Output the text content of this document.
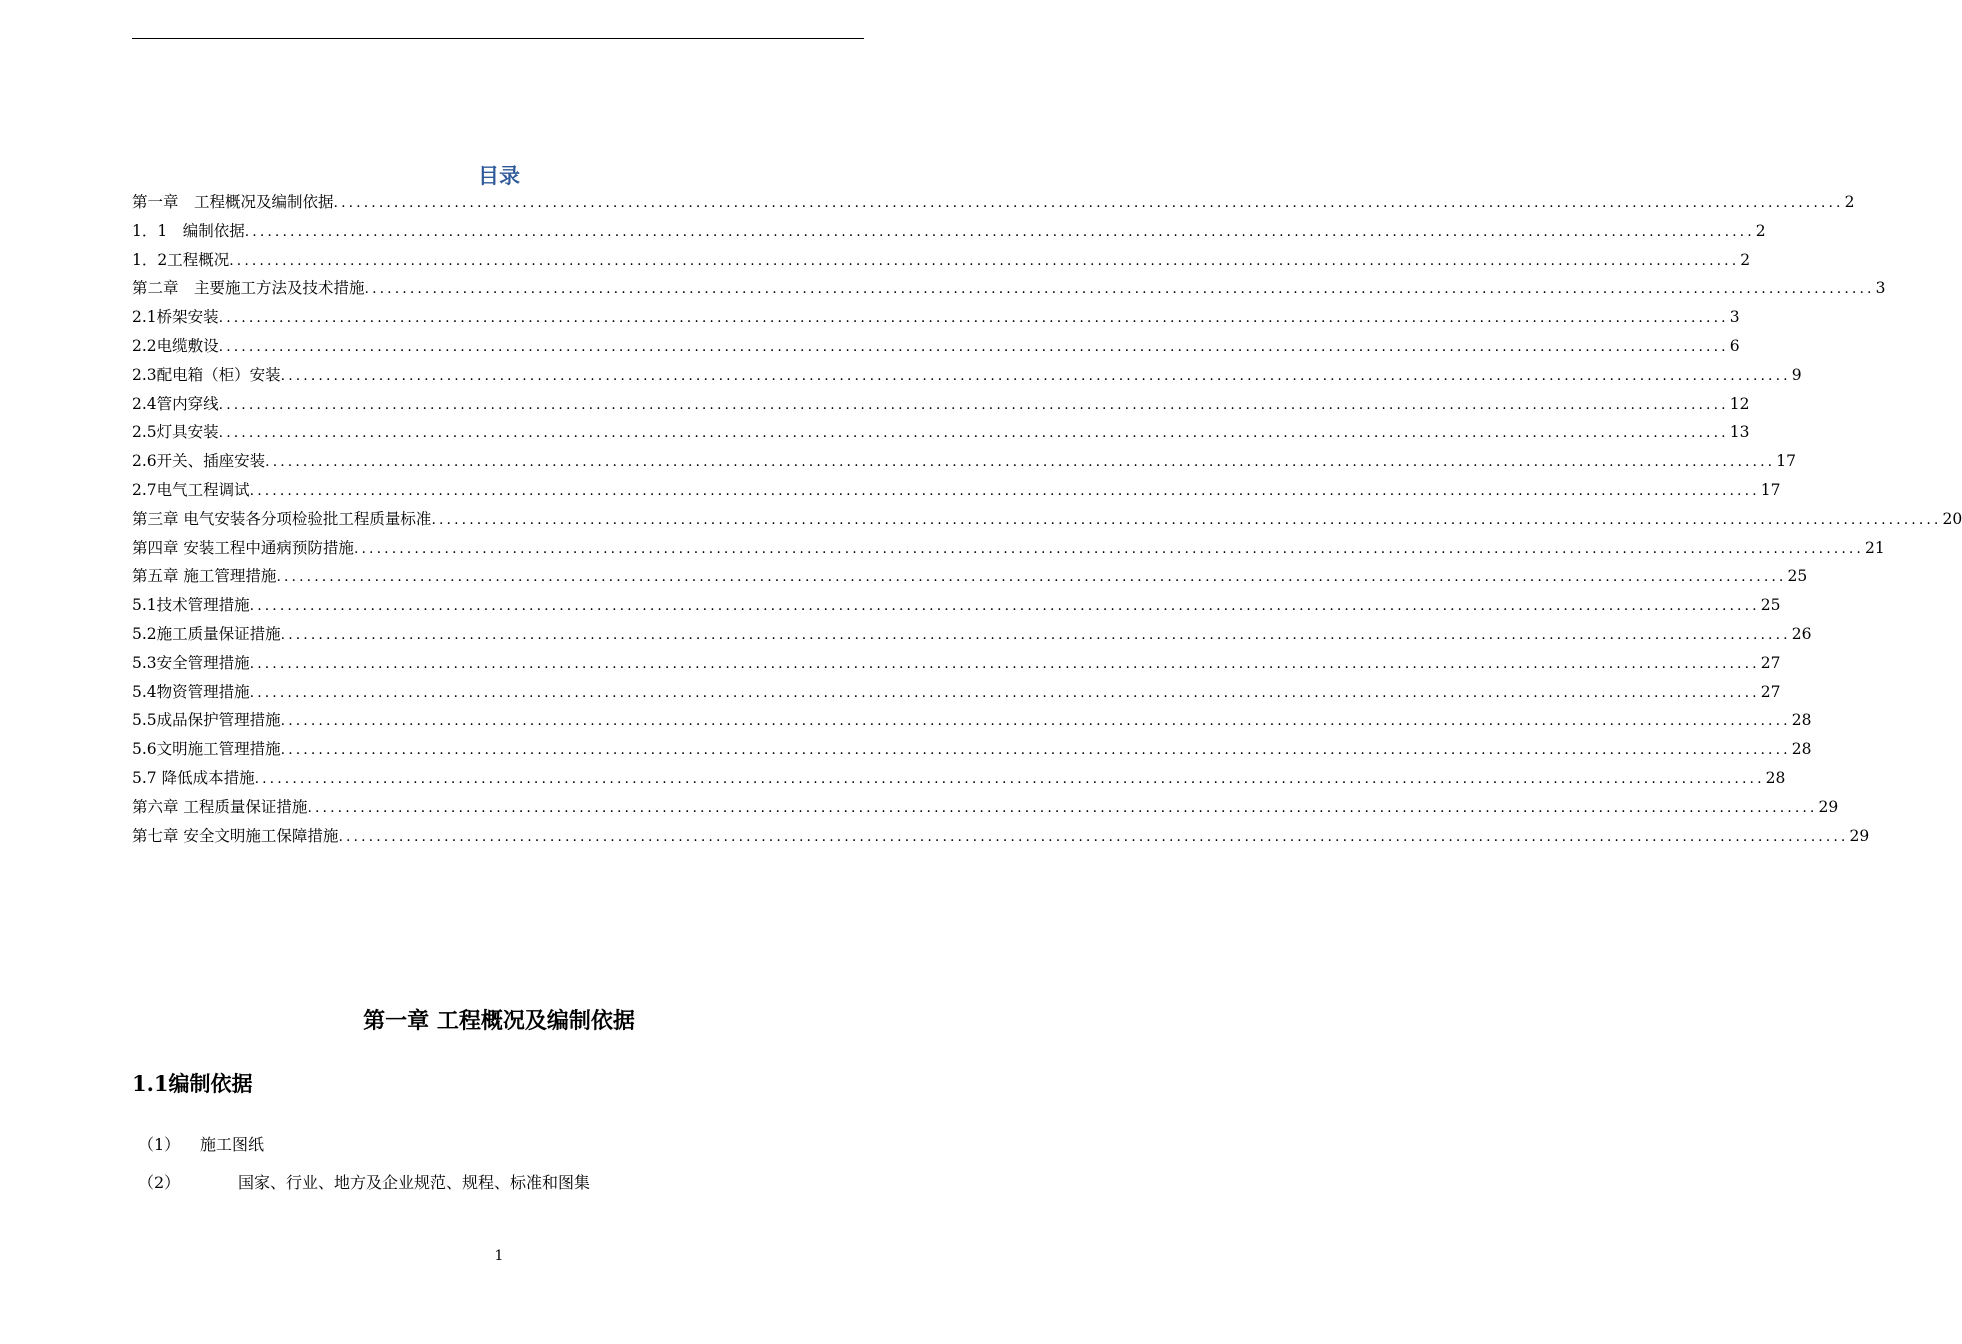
目录
第一章　工程概况及编制依据 ........................................................................................................................................................................................................ 2
1．1　编制依据 ........................................................................................................................................................................................................ 2
1．2工程概况 ........................................................................................................................................................................................................ 2
第二章　主要施工方法及技术措施 ........................................................................................................................................................................................................ 3
2.1桥架安装 ........................................................................................................................................................................................................ 3
2.2电缆敷设 ........................................................................................................................................................................................................ 6
2.3配电箱（柜）安装 ........................................................................................................................................................................................................ 9
2.4管内穿线 ........................................................................................................................................................................................................ 12
2.5灯具安装 ........................................................................................................................................................................................................ 13
2.6开关、插座安装 ........................................................................................................................................................................................................ 17
2.7电气工程调试 ........................................................................................................................................................................................................ 17
第三章 电气安装各分项检验批工程质量标准 ........................................................................................................................................................................................................ 20
第四章 安装工程中通病预防措施 ........................................................................................................................................................................................................ 21
第五章 施工管理措施 ........................................................................................................................................................................................................ 25
5.1技术管理措施 ........................................................................................................................................................................................................ 25
5.2施工质量保证措施 ........................................................................................................................................................................................................ 26
5.3安全管理措施 ........................................................................................................................................................................................................ 27
5.4物资管理措施 ........................................................................................................................................................................................................ 27
5.5成品保护管理措施 ........................................................................................................................................................................................................ 28
5.6文明施工管理措施 ........................................................................................................................................................................................................ 28
5.7 降低成本措施 ........................................................................................................................................................................................................ 28
第六章 工程质量保证措施 ........................................................................................................................................................................................................ 29
第七章 安全文明施工保障措施 ........................................................................................................................................................................................................ 29
第一章 工程概况及编制依据
1.1编制依据
（1） 施工图纸
（2）	国家、行业、地方及企业规范、规程、标准和图集
1
